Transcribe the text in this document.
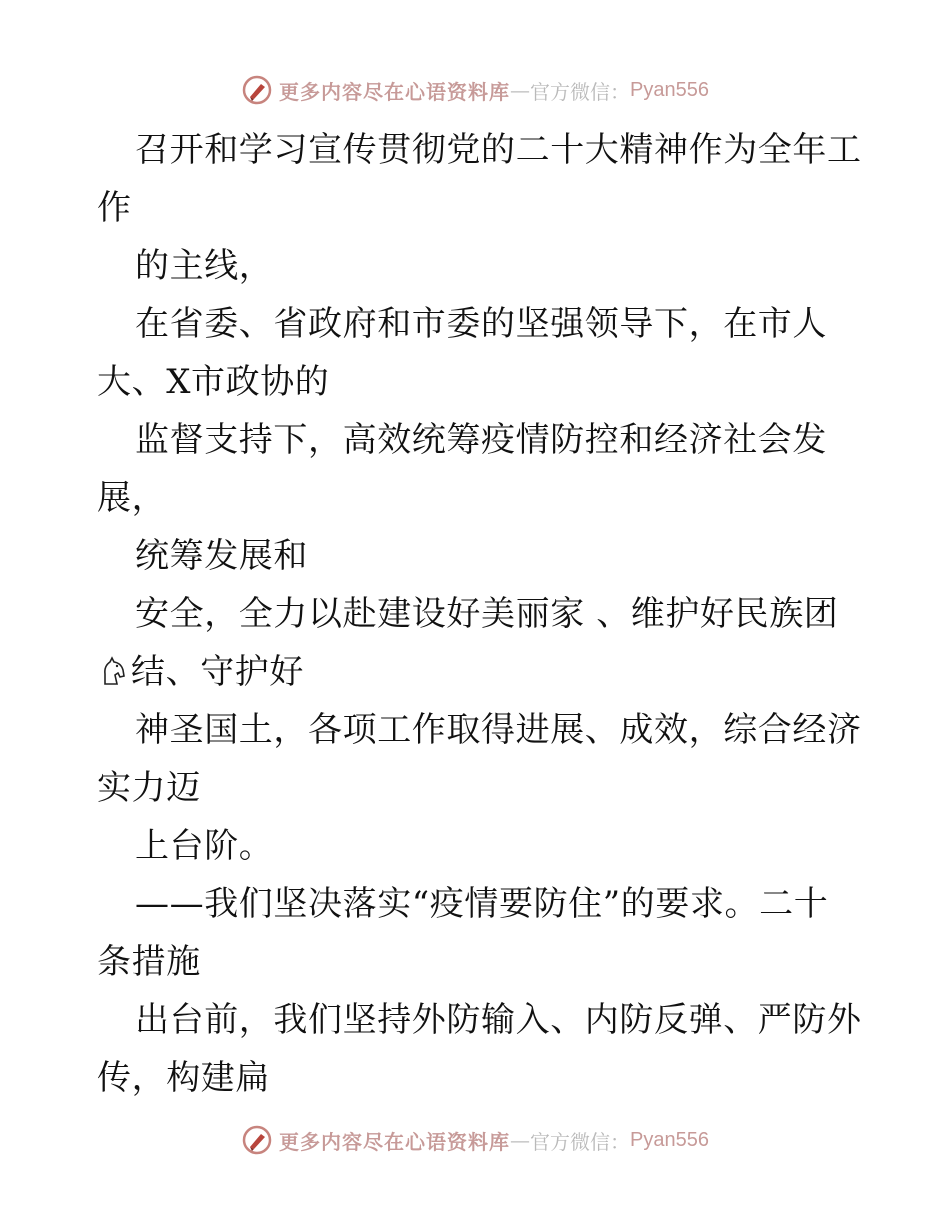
更多内容尽在心语资料库 — 官方微信： Pyan556
召开和学习宣传贯彻党的二十大精神作为全年工
作
的主线，
在省委、省政府和市委的坚强领导下，在市人
大、X市政协的
监督支持下，高效统筹疫情防控和经济社会发
展，
统筹发展和
安全，全力以赴建设好美丽家 、维护好民族团
结、守护好
神圣国土，各项工作取得进展、成效，综合经济
实力迈
上台阶。
——我们坚决落实“疫情要防住”的要求。二十
条措施
出台前，我们坚持外防输入、内防反弹、严防外
传，构建扁
更多内容尽在心语资料库 — 官方微信： Pyan556
